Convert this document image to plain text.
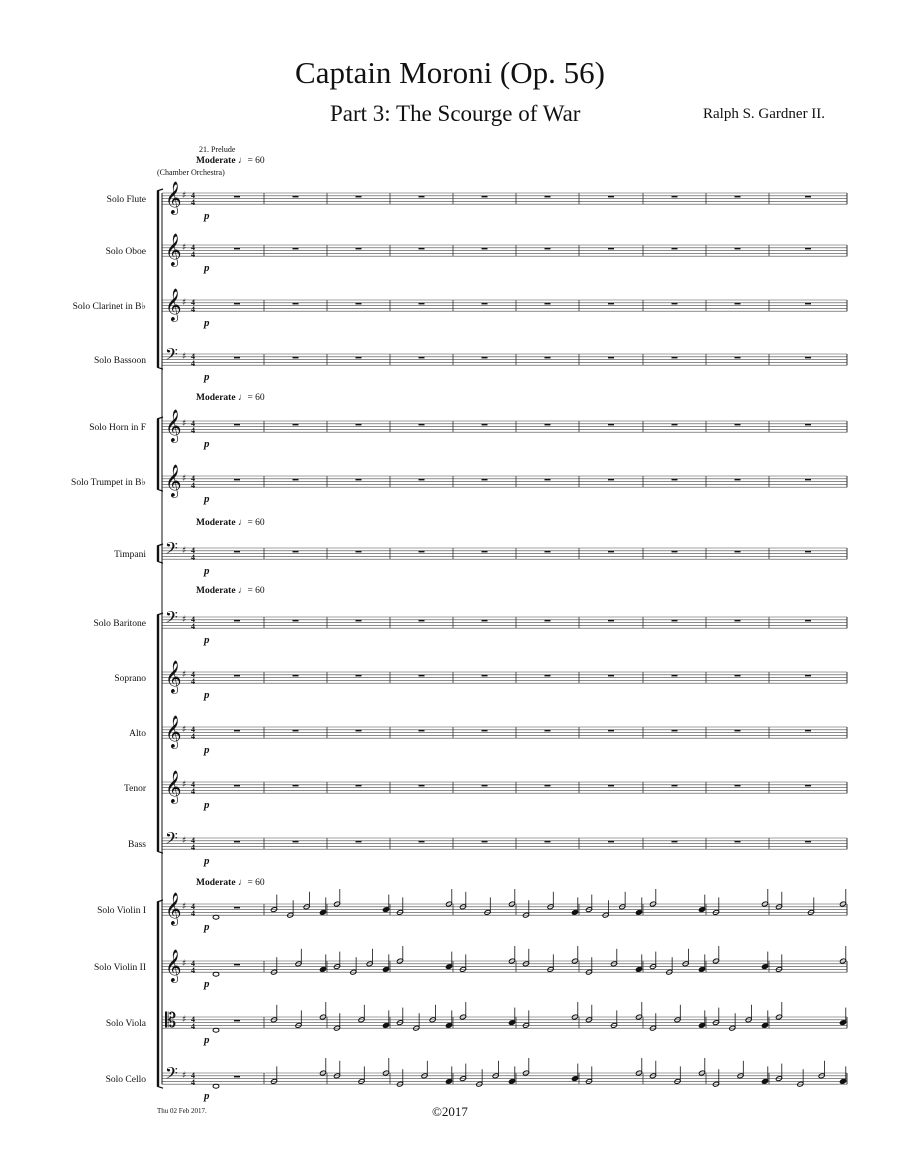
Captain Moroni (Op. 56)
Part 3: The Scourge of War	Ralph S. Gardner II.
21. Prelude
(Chamber Orchestra)
Moderate ♩= 60
Moderate ♩= 60
Moderate ♩= 60
Moderate ♩= 60
Moderate ♩= 60
Solo Flute 𝄞 ♯ 4
4
p
Solo Oboe 𝄞 ♯ 4
4
p
Solo Clarinet in B♭ 𝄞 ♯ 4
4
p
Solo Bassoon 𝄢 ♯ 4
4
p
Solo Horn in F 𝄞 ♯ 4
4
p
Solo Trumpet in B♭ 𝄞 ♯ 4
4
p
Timpani 𝄢 ♯ 4
4
p
Solo Baritone 𝄢 ♯ 4
4
p
Soprano 𝄞 ♯ 4
4
p
Alto 𝄞 ♯ 4
4
p
Tenor 𝄞 ♯ 4
4
p
Bass 𝄢 ♯ 4
4
p
Solo Violin I 𝄞 ♯ 4
4
p
Solo Violin II 𝄞 ♯ 4
4
p
Solo Viola 𝄡 ♯ 4
4
p
Solo Cello 𝄢 ♯ 4
4
p
Thu 02 Feb 2017.	©2017
